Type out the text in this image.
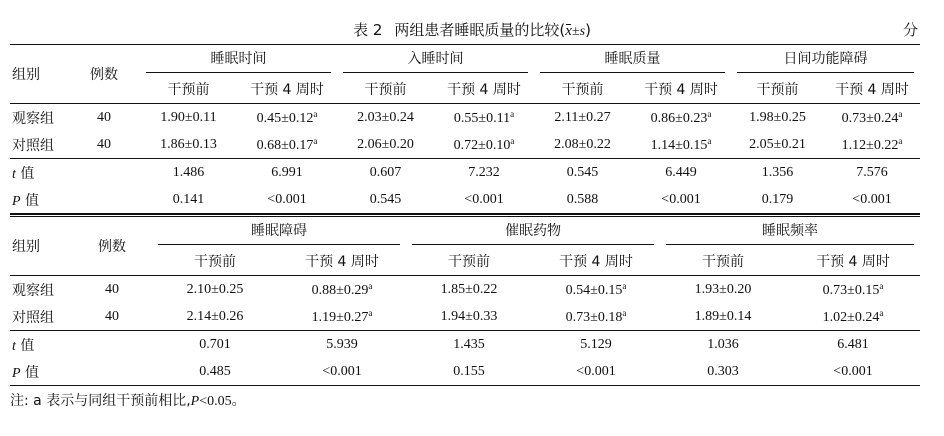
表 2 两组患者睡眠质量的比较(x±s)	分
组别	例数	睡眠时间		入睡时间		睡眠质量		日间功能障碍	

		干预前	干预 4 周时	干预前	干预 4 周时	干预前	干预 4 周时	干预前	干预 4 周时
观察组	40	1.90±0.11	0.45±0.12$^a$	2.03±0.24	0.55±0.11$^a$	2.11±0.27	0.86±0.23$^a$	1.98±0.25	0.73±0.24$^a$
对照组	40	1.86±0.13	0.68±0.17$^a$	2.06±0.20	0.72±0.10$^a$	2.08±0.22	1.14±0.15$^a$	2.05±0.21	1.12±0.22$^a$
t 值		1.486	6.991	0.607	7.232	0.545	6.449	1.356	7.576
P 值		0.141	<0.001	0.545	<0.001	0.588	<0.001	0.179	<0.001
组别	例数	睡眠障碍		催眠药物		睡眠频率	

		干预前	干预 4 周时	干预前	干预 4 周时	干预前	干预 4 周时
观察组	40	2.10±0.25	0.88±0.29$^a$	1.85±0.22	0.54±0.15$^a$	1.93±0.20	0.73±0.15$^a$
对照组	40	2.14±0.26	1.19±0.27$^a$	1.94±0.33	0.73±0.18$^a$	1.89±0.14	1.02±0.24$^a$
t 值		0.701	5.939	1.435	5.129	1.036	6.481
P 值		0.485	<0.001	0.155	<0.001	0.303	<0.001
注: a 表示与同组干预前相比,P<0.05。
